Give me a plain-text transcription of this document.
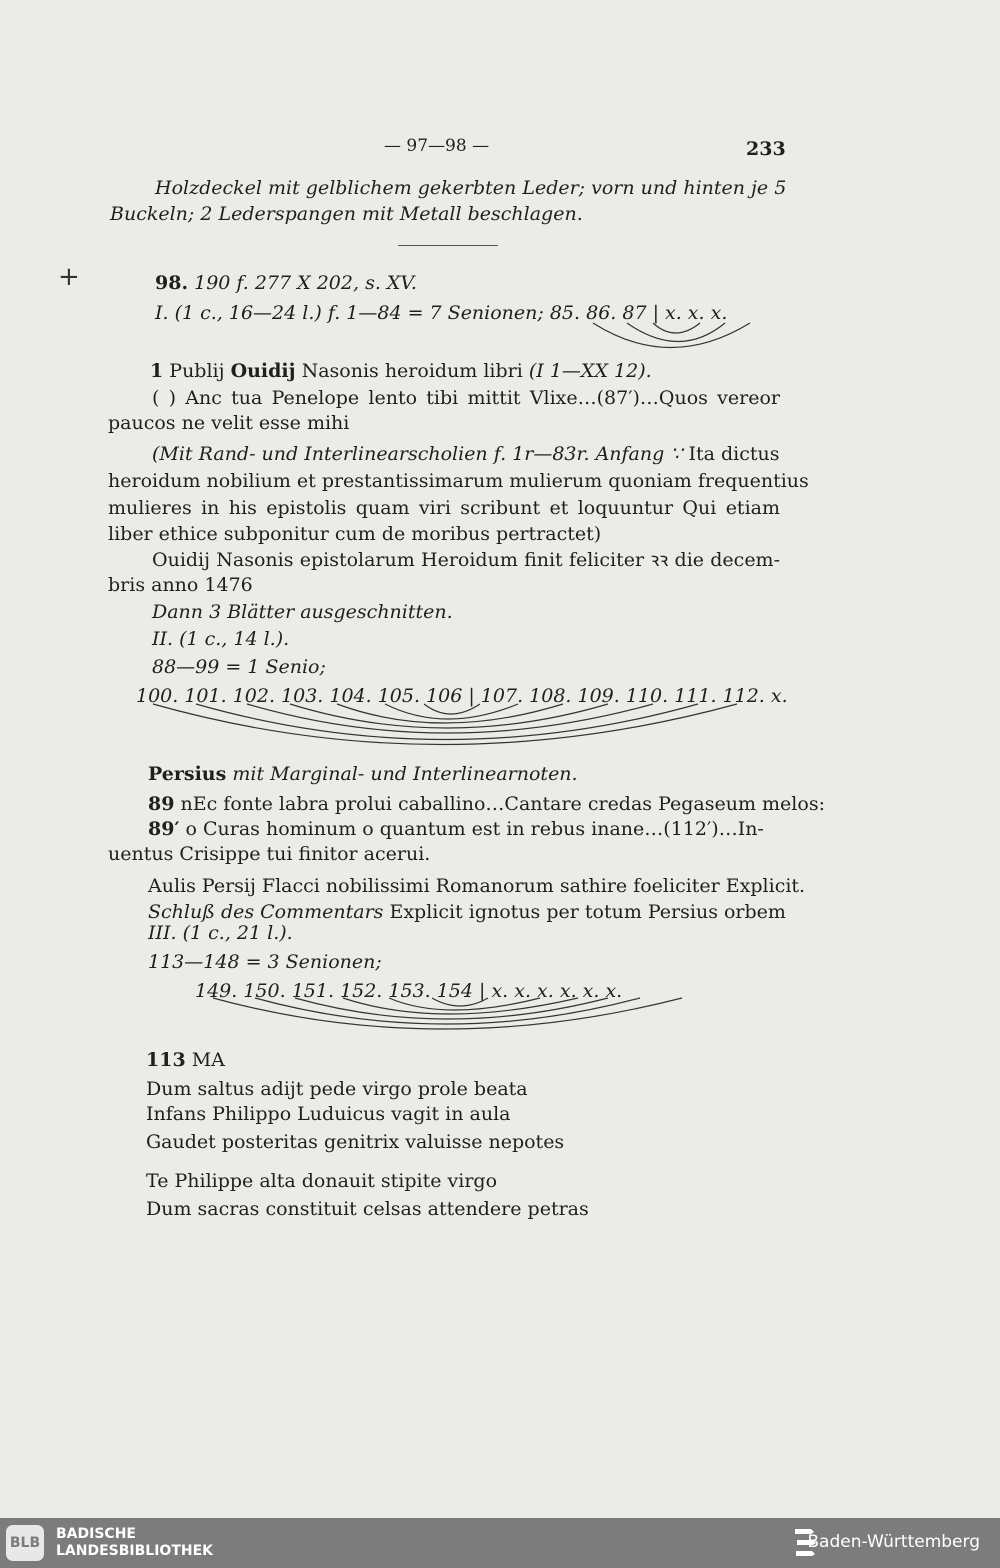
— 97—98 —	233
Holzdeckel mit gelblichem gekerbten Leder; vorn und hinten je 5
Buckeln; 2 Lederspangen mit Metall beschlagen.
+	98. 190 f. 277 X 202, s. XV.
I. (1 c., 16—24 l.) f. 1—84 = 7 Senionen; 85. 86. 87 | x. x. x.
1 Publij Ouidij Nasonis heroidum libri (I 1—XX 12).
( ) Anc tua Penelope lento tibi mittit Vlixe…(87′)…Quos vereor
paucos ne velit esse mihi
(Mit Rand- und Interlinearscholien f. 1r—83r. Anfang ∵ Ita dictus
heroidum nobilium et prestantissimarum mulierum quoniam frequentius
mulieres in his epistolis quam viri scribunt et loquuntur Qui etiam
liber ethice subponitur cum de moribus pertractet)
Ouidij Nasonis epistolarum Heroidum finit feliciter ꝛꝛ die decem-
bris anno 1476
Dann 3 Blätter ausgeschnitten.
II. (1 c., 14 l.).
88—99 = 1 Senio;
100. 101. 102. 103. 104. 105. 106 | 107. 108. 109. 110. 111. 112. x.
Persius mit Marginal- und Interlinearnoten.
89 nEc fonte labra prolui caballino…Cantare credas Pegaseum melos:
89′ o Curas hominum o quantum est in rebus inane…(112′)…In-
uentus Crisippe tui finitor acerui.
Aulis Persij Flacci nobilissimi Romanorum sathire foeliciter Explicit.
Schluß des Commentars Explicit ignotus per totum Persius orbem
III. (1 c., 21 l.).
113—148 = 3 Senionen;
149. 150. 151. 152. 153. 154 | x. x. x. x. x. x.
113 MA
Dum saltus adijt pede virgo prole beata
Infans Philippo Luduicus vagit in aula
Gaudet posteritas genitrix valuisse nepotes
Te Philippe alta donauit stipite virgo
Dum sacras constituit celsas attendere petras
BLB
BADISCHE
LANDESBIBLIOTHEK	Baden-Württemberg
